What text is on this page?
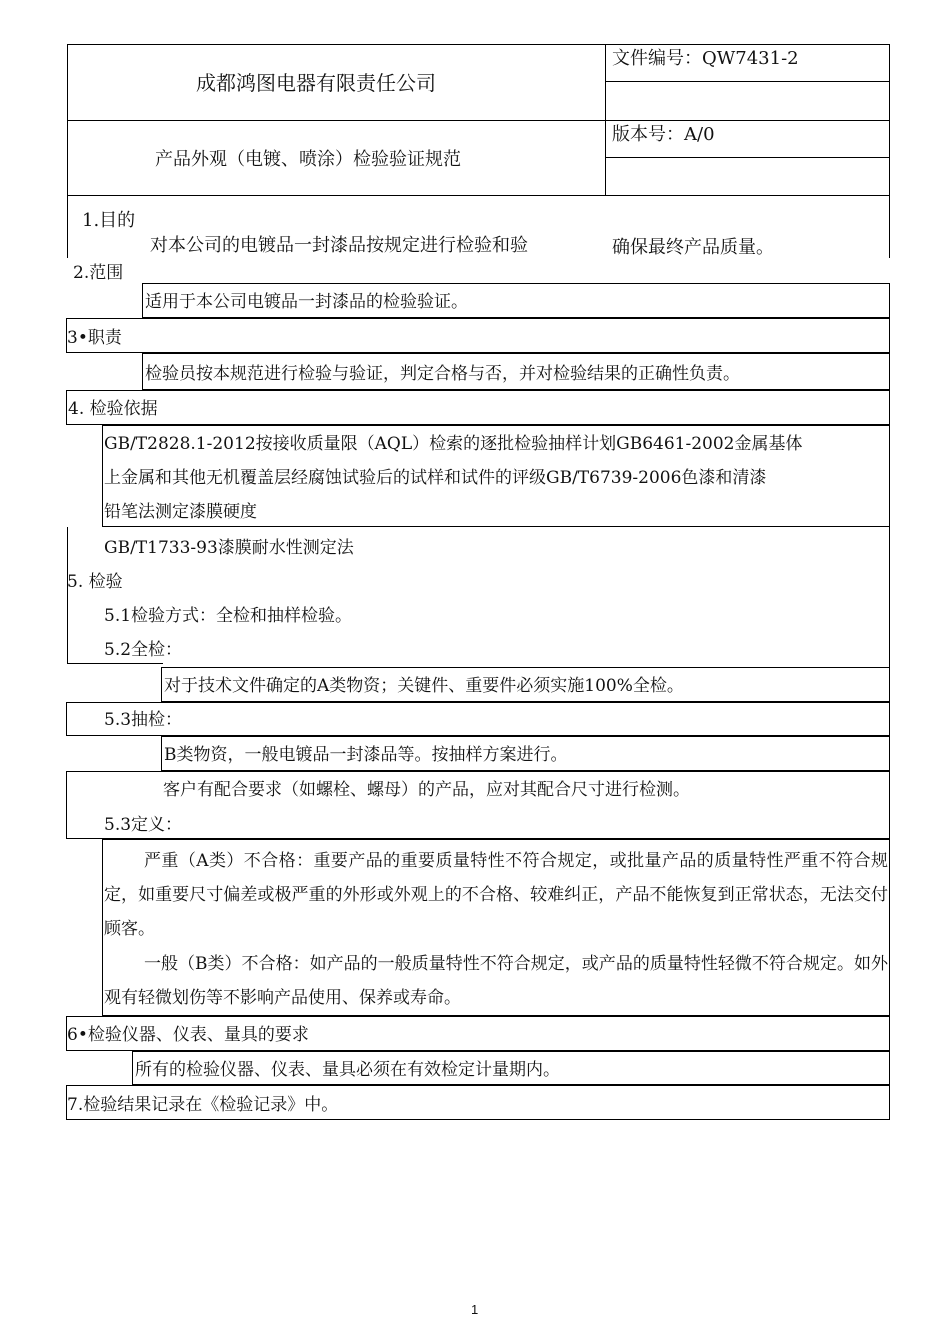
成都鸿图电器有限责任公司
文件编号：QW7431-2
产品外观（电镀、喷涂）检验验证规范
版本号：A/0
1.目的
对本公司的电镀品一封漆品按规定进行检验和验	确保最终产品质量。
2.范围
适用于本公司电镀品一封漆品的检验验证。
3•职责
检验员按本规范进行检验与验证，判定合格与否，并对检验结果的正确性负责。
4. 检验依据
GB/T2828.1-2012按接收质量限（AQL）检索的逐批检验抽样计划GB6461-2002金属基体
上金属和其他无机覆盖层经腐蚀试验后的试样和试件的评级GB/T6739-2006色漆和清漆
铅笔法测定漆膜硬度
GB/T1733-93漆膜耐水性测定法
5. 检验
5.1检验方式：全检和抽样检验。
5.2全检：
对于技术文件确定的A类物资；关键件、重要件必须实施100%全检。
5.3抽检：
B类物资，一般电镀品一封漆品等。按抽样方案进行。
客户有配合要求（如螺栓、螺母）的产品，应对其配合尺寸进行检测。
5.3定义：
严重（A类）不合格：重要产品的重要质量特性不符合规定，或批量产品的质量特性严重不符合规定，如重要尺寸偏差或极严重的外形或外观上的不合格、较难纠正，产品不能恢复到正常状态，无法交付顾客。
一般（B类）不合格：如产品的一般质量特性不符合规定，或产品的质量特性轻微不符合规定。如外观有轻微划伤等不影响产品使用、保养或寿命。
6•检验仪器、仪表、量具的要求
所有的检验仪器、仪表、量具必须在有效检定计量期内。
7.检验结果记录在《检验记录》中。
1
